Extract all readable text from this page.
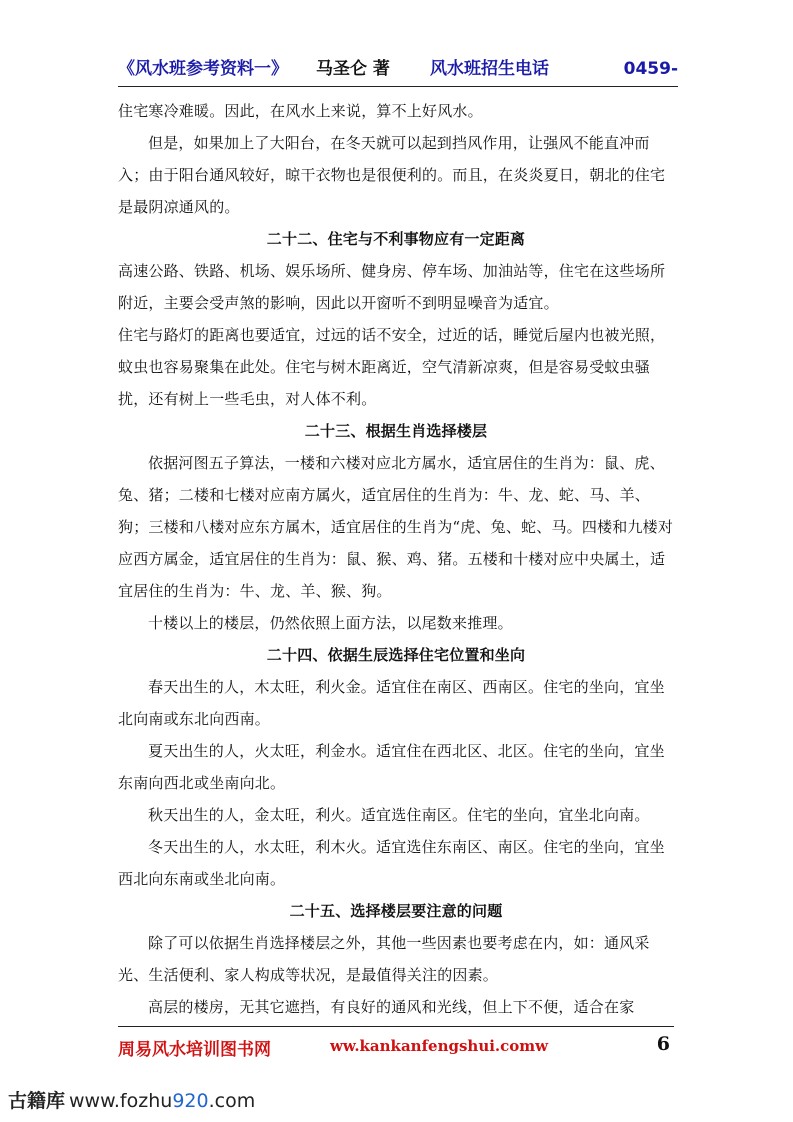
《风水班参考资料一》 马圣仑 著 风水班招生电话	0459-

住宅寒冷难暖。因此，在风水上来说，算不上好风水。

但是，如果加上了大阳台，在冬天就可以起到挡风作用，让强风不能直冲而入；由于阳台通风较好，晾干衣物也是很便利的。而且，在炎炎夏日，朝北的住宅是最阴凉通风的。

二十二、住宅与不利事物应有一定距离

高速公路、铁路、机场、娱乐场所、健身房、停车场、加油站等，住宅在这些场所附近，主要会受声煞的影响，因此以开窗听不到明显噪音为适宜。

住宅与路灯的距离也要适宜，过远的话不安全，过近的话，睡觉后屋内也被光照，蚊虫也容易聚集在此处。住宅与树木距离近，空气清新凉爽，但是容易受蚊虫骚扰，还有树上一些毛虫，对人体不利。

二十三、根据生肖选择楼层

依据河图五子算法，一楼和六楼对应北方属水，适宜居住的生肖为：鼠、虎、兔、猪；二楼和七楼对应南方属火，适宜居住的生肖为：牛、龙、蛇、马、羊、狗；三楼和八楼对应东方属木，适宜居住的生肖为“虎、兔、蛇、马。四楼和九楼对应西方属金，适宜居住的生肖为：鼠、猴、鸡、猪。五楼和十楼对应中央属土，适宜居住的生肖为：牛、龙、羊、猴、狗。

十楼以上的楼层，仍然依照上面方法，以尾数来推理。

二十四、依据生辰选择住宅位置和坐向

春天出生的人，木太旺，利火金。适宜住在南区、西南区。住宅的坐向，宜坐北向南或东北向西南。

夏天出生的人，火太旺，利金水。适宜住在西北区、北区。住宅的坐向，宜坐东南向西北或坐南向北。

秋天出生的人，金太旺，利火。适宜选住南区。住宅的坐向，宜坐北向南。

冬天出生的人，水太旺，利木火。适宜选住东南区、南区。住宅的坐向，宜坐西北向东南或坐北向南。

二十五、选择楼层要注意的问题

除了可以依据生肖选择楼层之外，其他一些因素也要考虑在内，如：通风采光、生活便利、家人构成等状况，是最值得关注的因素。

高层的楼房，无其它遮挡，有良好的通风和光线，但上下不便，适合在家

周易风水培训图书网	ww.kankanfengshui.comw	6
古籍库 www.fozhu920.com
